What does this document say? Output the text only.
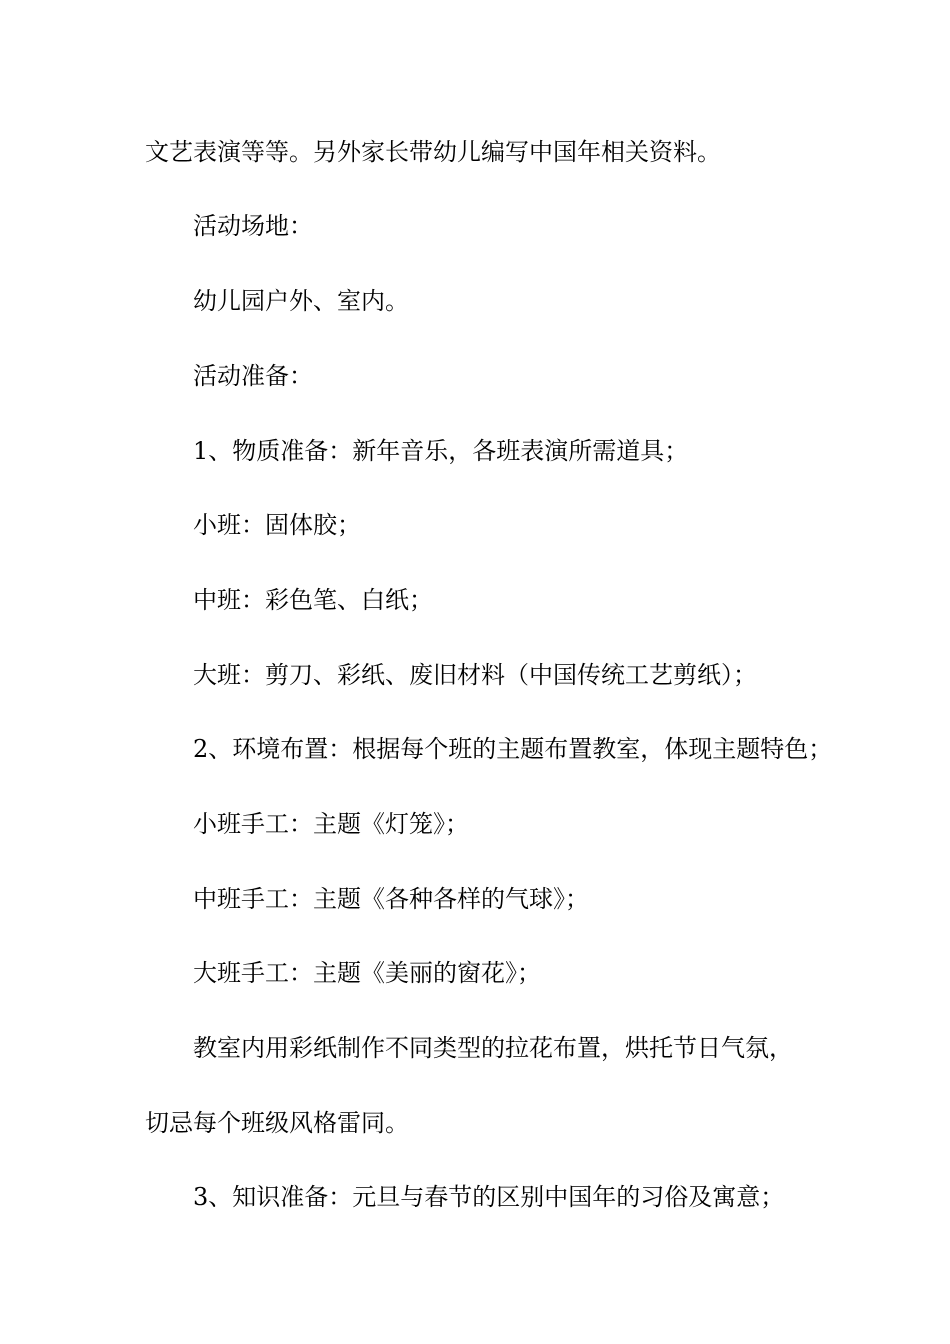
文艺表演等等。另外家长带幼儿编写中国年相关资料。

活动场地：

幼儿园户外、室内。

活动准备：

1、物质准备：新年音乐，各班表演所需道具；

小班：固体胶；

中班：彩色笔、白纸；

大班：剪刀、彩纸、废旧材料（中国传统工艺剪纸）；

2、环境布置：根据每个班的主题布置教室，体现主题特色；

小班手工：主题《灯笼》；

中班手工：主题《各种各样的气球》；

大班手工：主题《美丽的窗花》；

教室内用彩纸制作不同类型的拉花布置，烘托节日气氛，

切忌每个班级风格雷同。

3、知识准备：元旦与春节的区别中国年的习俗及寓意；
